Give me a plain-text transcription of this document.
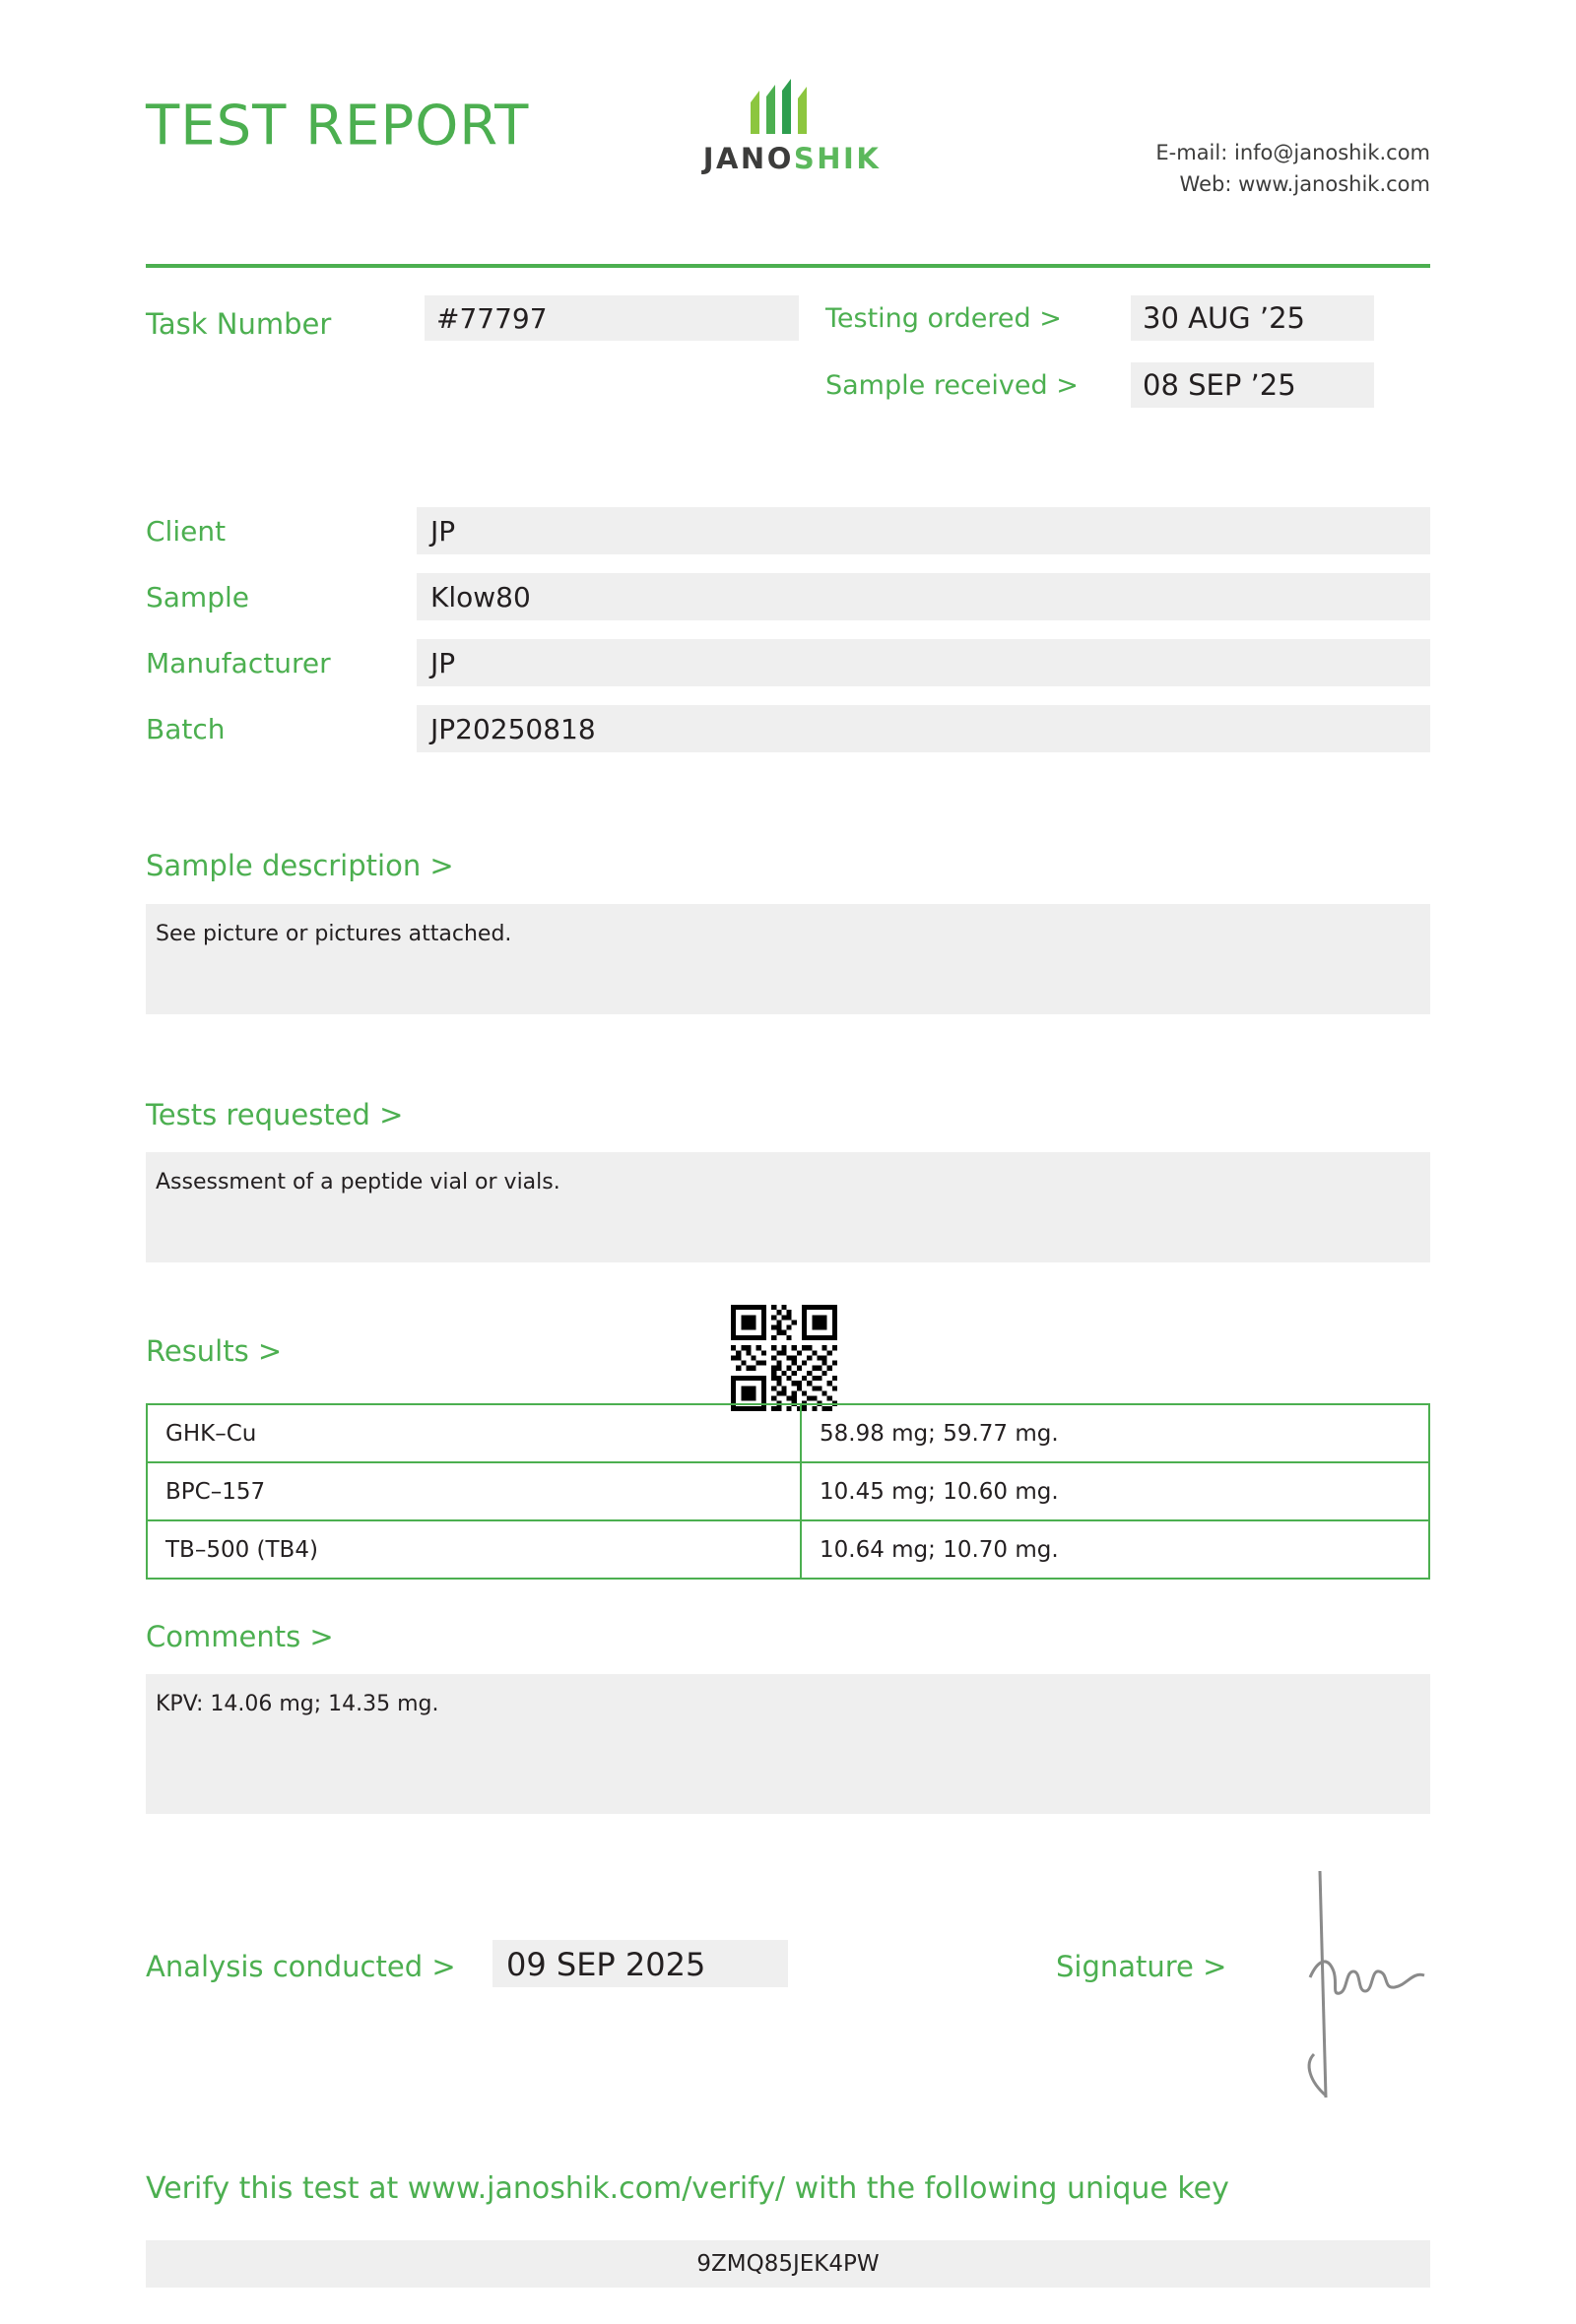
TEST REPORT
JANOSHIK	E-mail: info@janoshik.com
Web: www.janoshik.com
Task Number	#77797	Testing ordered >	30 AUG ’25
Sample received >	08 SEP ’25
Client	JP
Sample	Klow80
Manufacturer	JP
Batch	JP20250818
Sample description >
See picture or pictures attached.
Tests requested >
Assessment of a peptide vial or vials.
Results >
GHK–Cu	58.98 mg; 59.77 mg.
BPC–157	10.45 mg; 10.60 mg.
TB–500 (TB4)	10.64 mg; 10.70 mg.
Comments >
KPV: 14.06 mg; 14.35 mg.
Analysis conducted >	09 SEP 2025	Signature >
Verify this test at www.janoshik.com/verify/ with the following unique key
9ZMQ85JEK4PW
